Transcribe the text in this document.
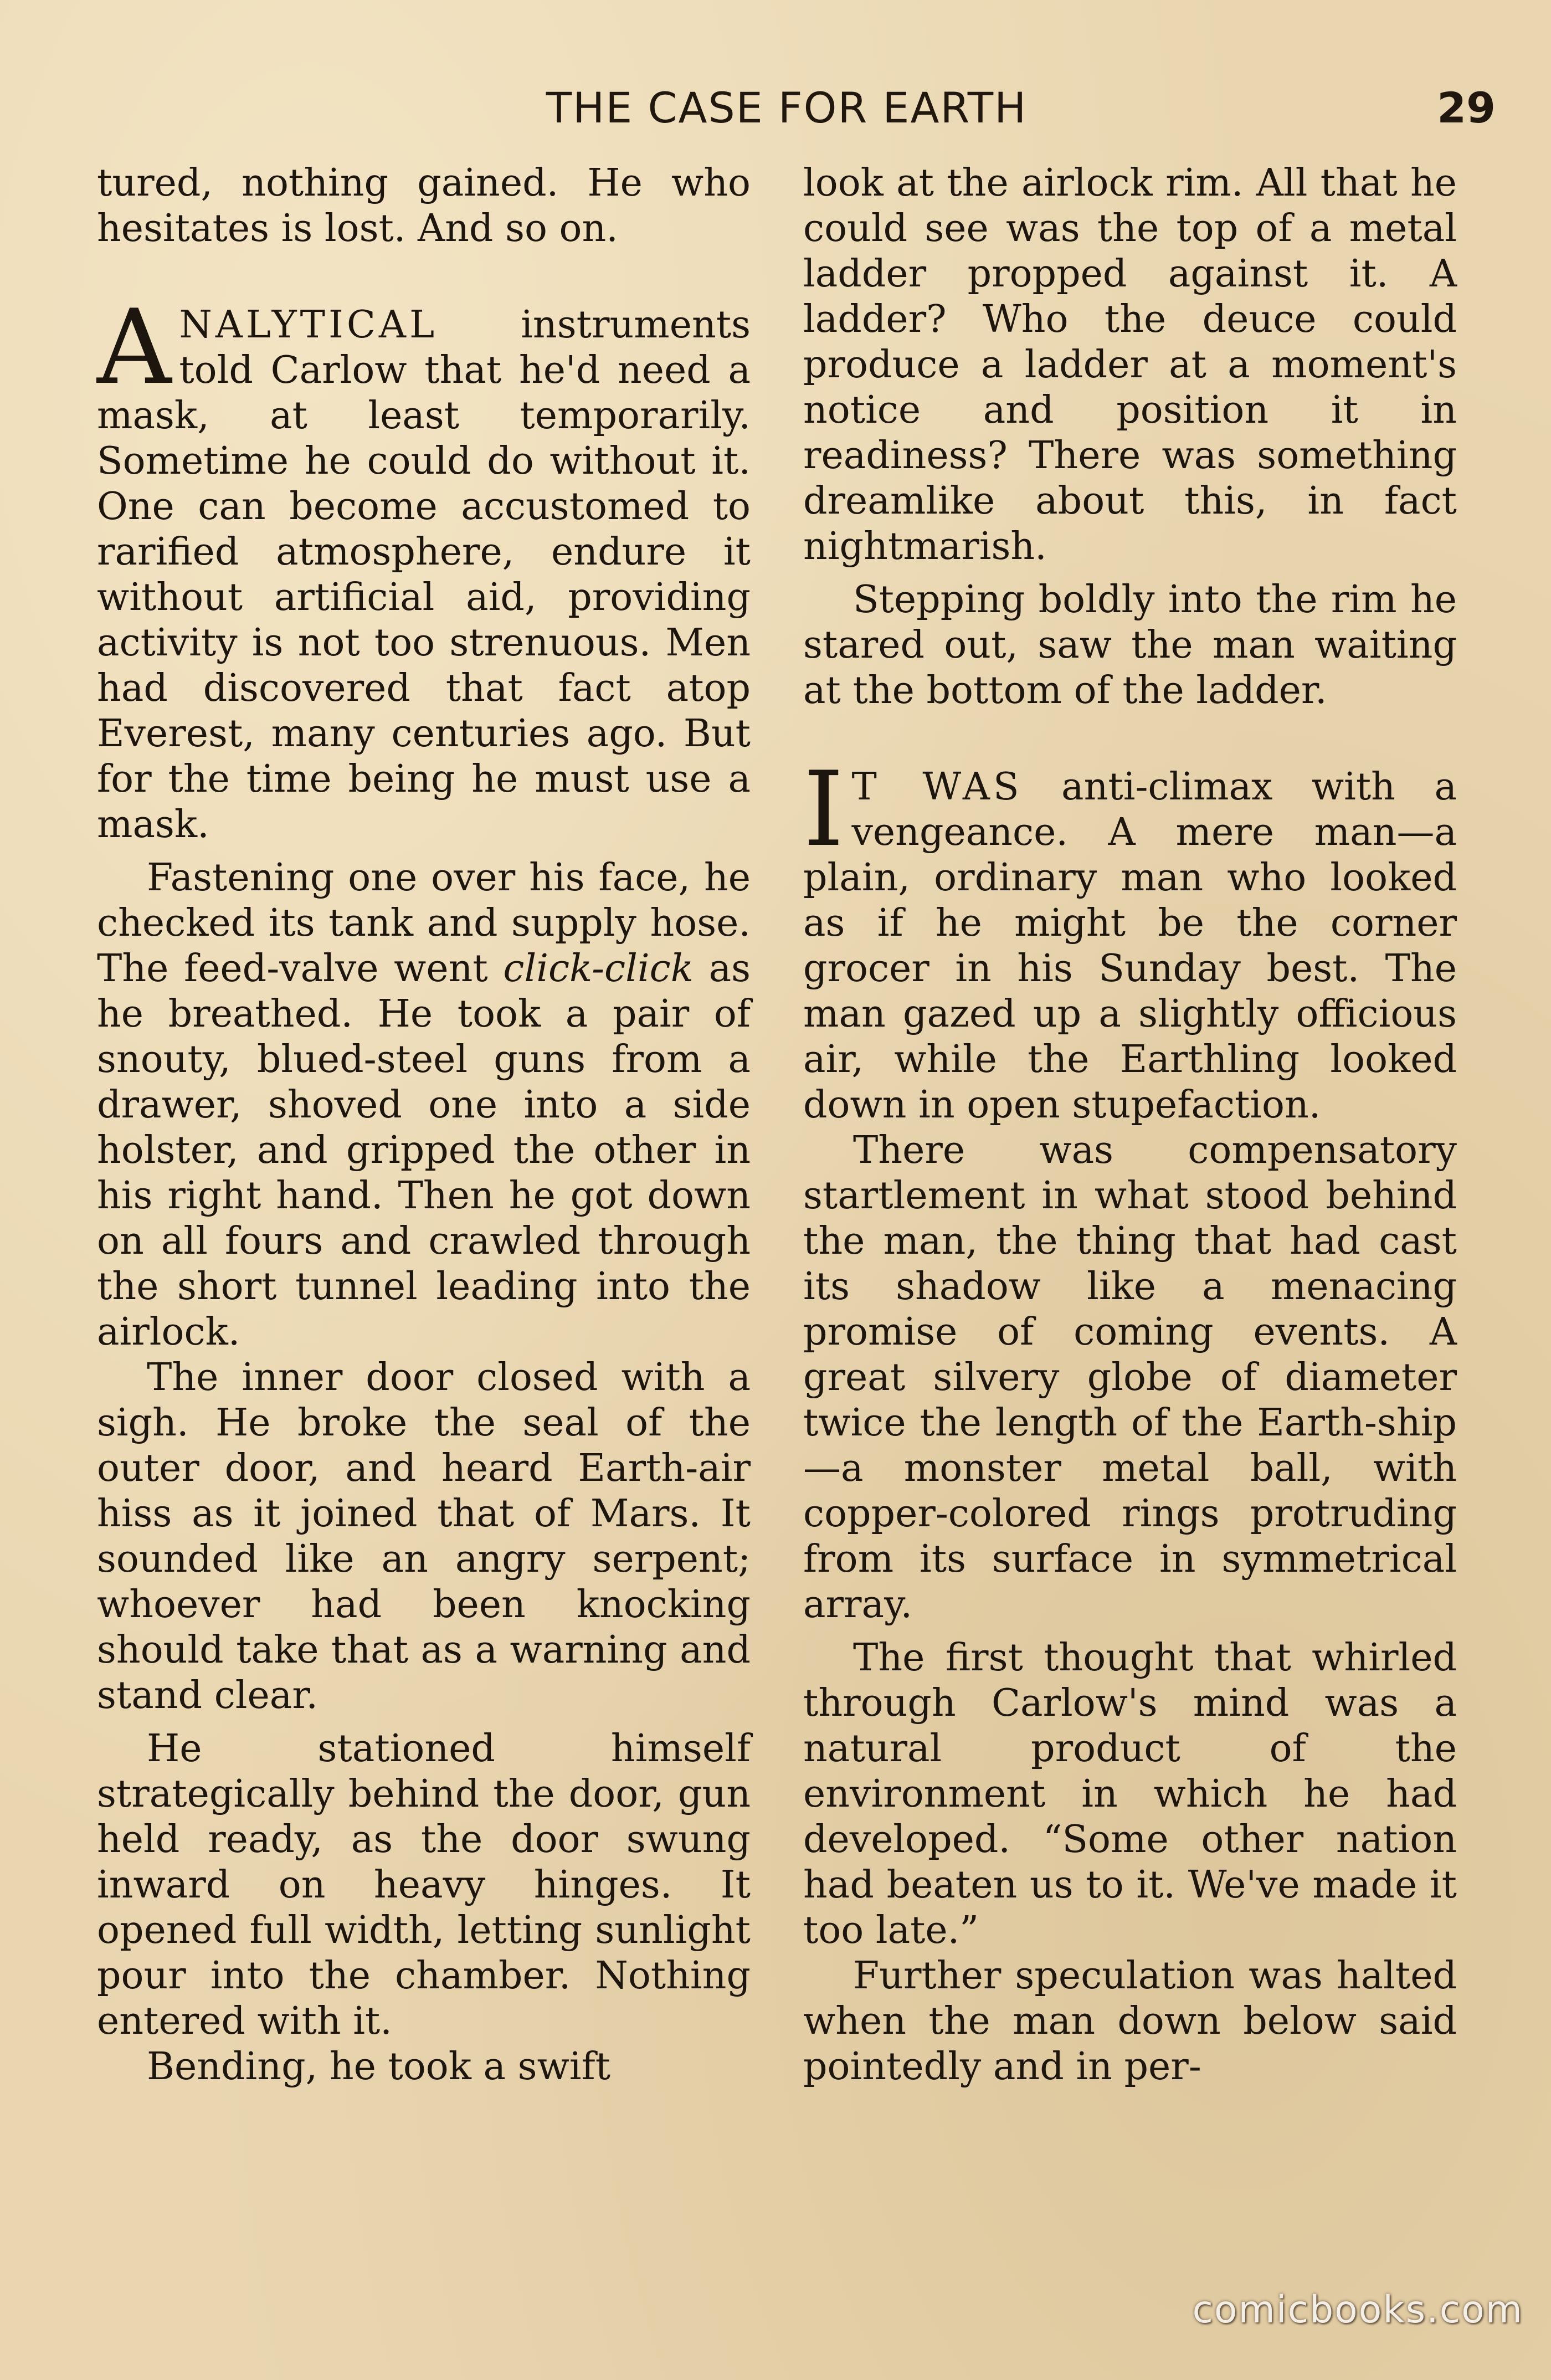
THE CASE FOR EARTH	29

tured, nothing gained. He who hesitates is lost. And so on.

ANALYTICAL instruments told Carlow that he'd need a mask, at least temporarily. Sometime he could do without it. One can become accustomed to rarified atmosphere, endure it without artificial aid, providing activity is not too strenuous. Men had discovered that fact atop Everest, many centuries ago. But for the time being he must use a mask.

Fastening one over his face, he checked its tank and supply hose. The feed-valve went click-click as he breathed. He took a pair of snouty, blued-steel guns from a drawer, shoved one into a side holster, and gripped the other in his right hand. Then he got down on all fours and crawled through the short tunnel leading into the airlock.

The inner door closed with a sigh. He broke the seal of the outer door, and heard Earth-air hiss as it joined that of Mars. It sounded like an angry serpent; whoever had been knocking should take that as a warning and stand clear.

He stationed himself strategically behind the door, gun held ready, as the door swung inward on heavy hinges. It opened full width, letting sunlight pour into the chamber. Nothing entered with it.

Bending, he took a swift

look at the airlock rim. All that he could see was the top of a metal ladder propped against it. A ladder? Who the deuce could produce a ladder at a moment's notice and position it in readiness? There was something dreamlike about this, in fact nightmarish.

Stepping boldly into the rim he stared out, saw the man waiting at the bottom of the ladder.

I T WAS anti-climax with a vengeance. A mere man—a plain, ordinary man who looked as if he might be the corner grocer in his Sunday best. The man gazed up a slightly officious air, while the Earthling looked down in open stupefaction.

There was compensatory startlement in what stood behind the man, the thing that had cast its shadow like a menacing promise of coming events. A great silvery globe of diameter twice the length of the Earth-ship—a monster metal ball, with copper-colored rings protruding from its surface in symmetrical array.

The first thought that whirled through Carlow's mind was a natural product of the environment in which he had developed. “Some other nation had beaten us to it. We've made it too late.”

Further speculation was halted when the man down below said pointedly and in per-

comicbooks.com
